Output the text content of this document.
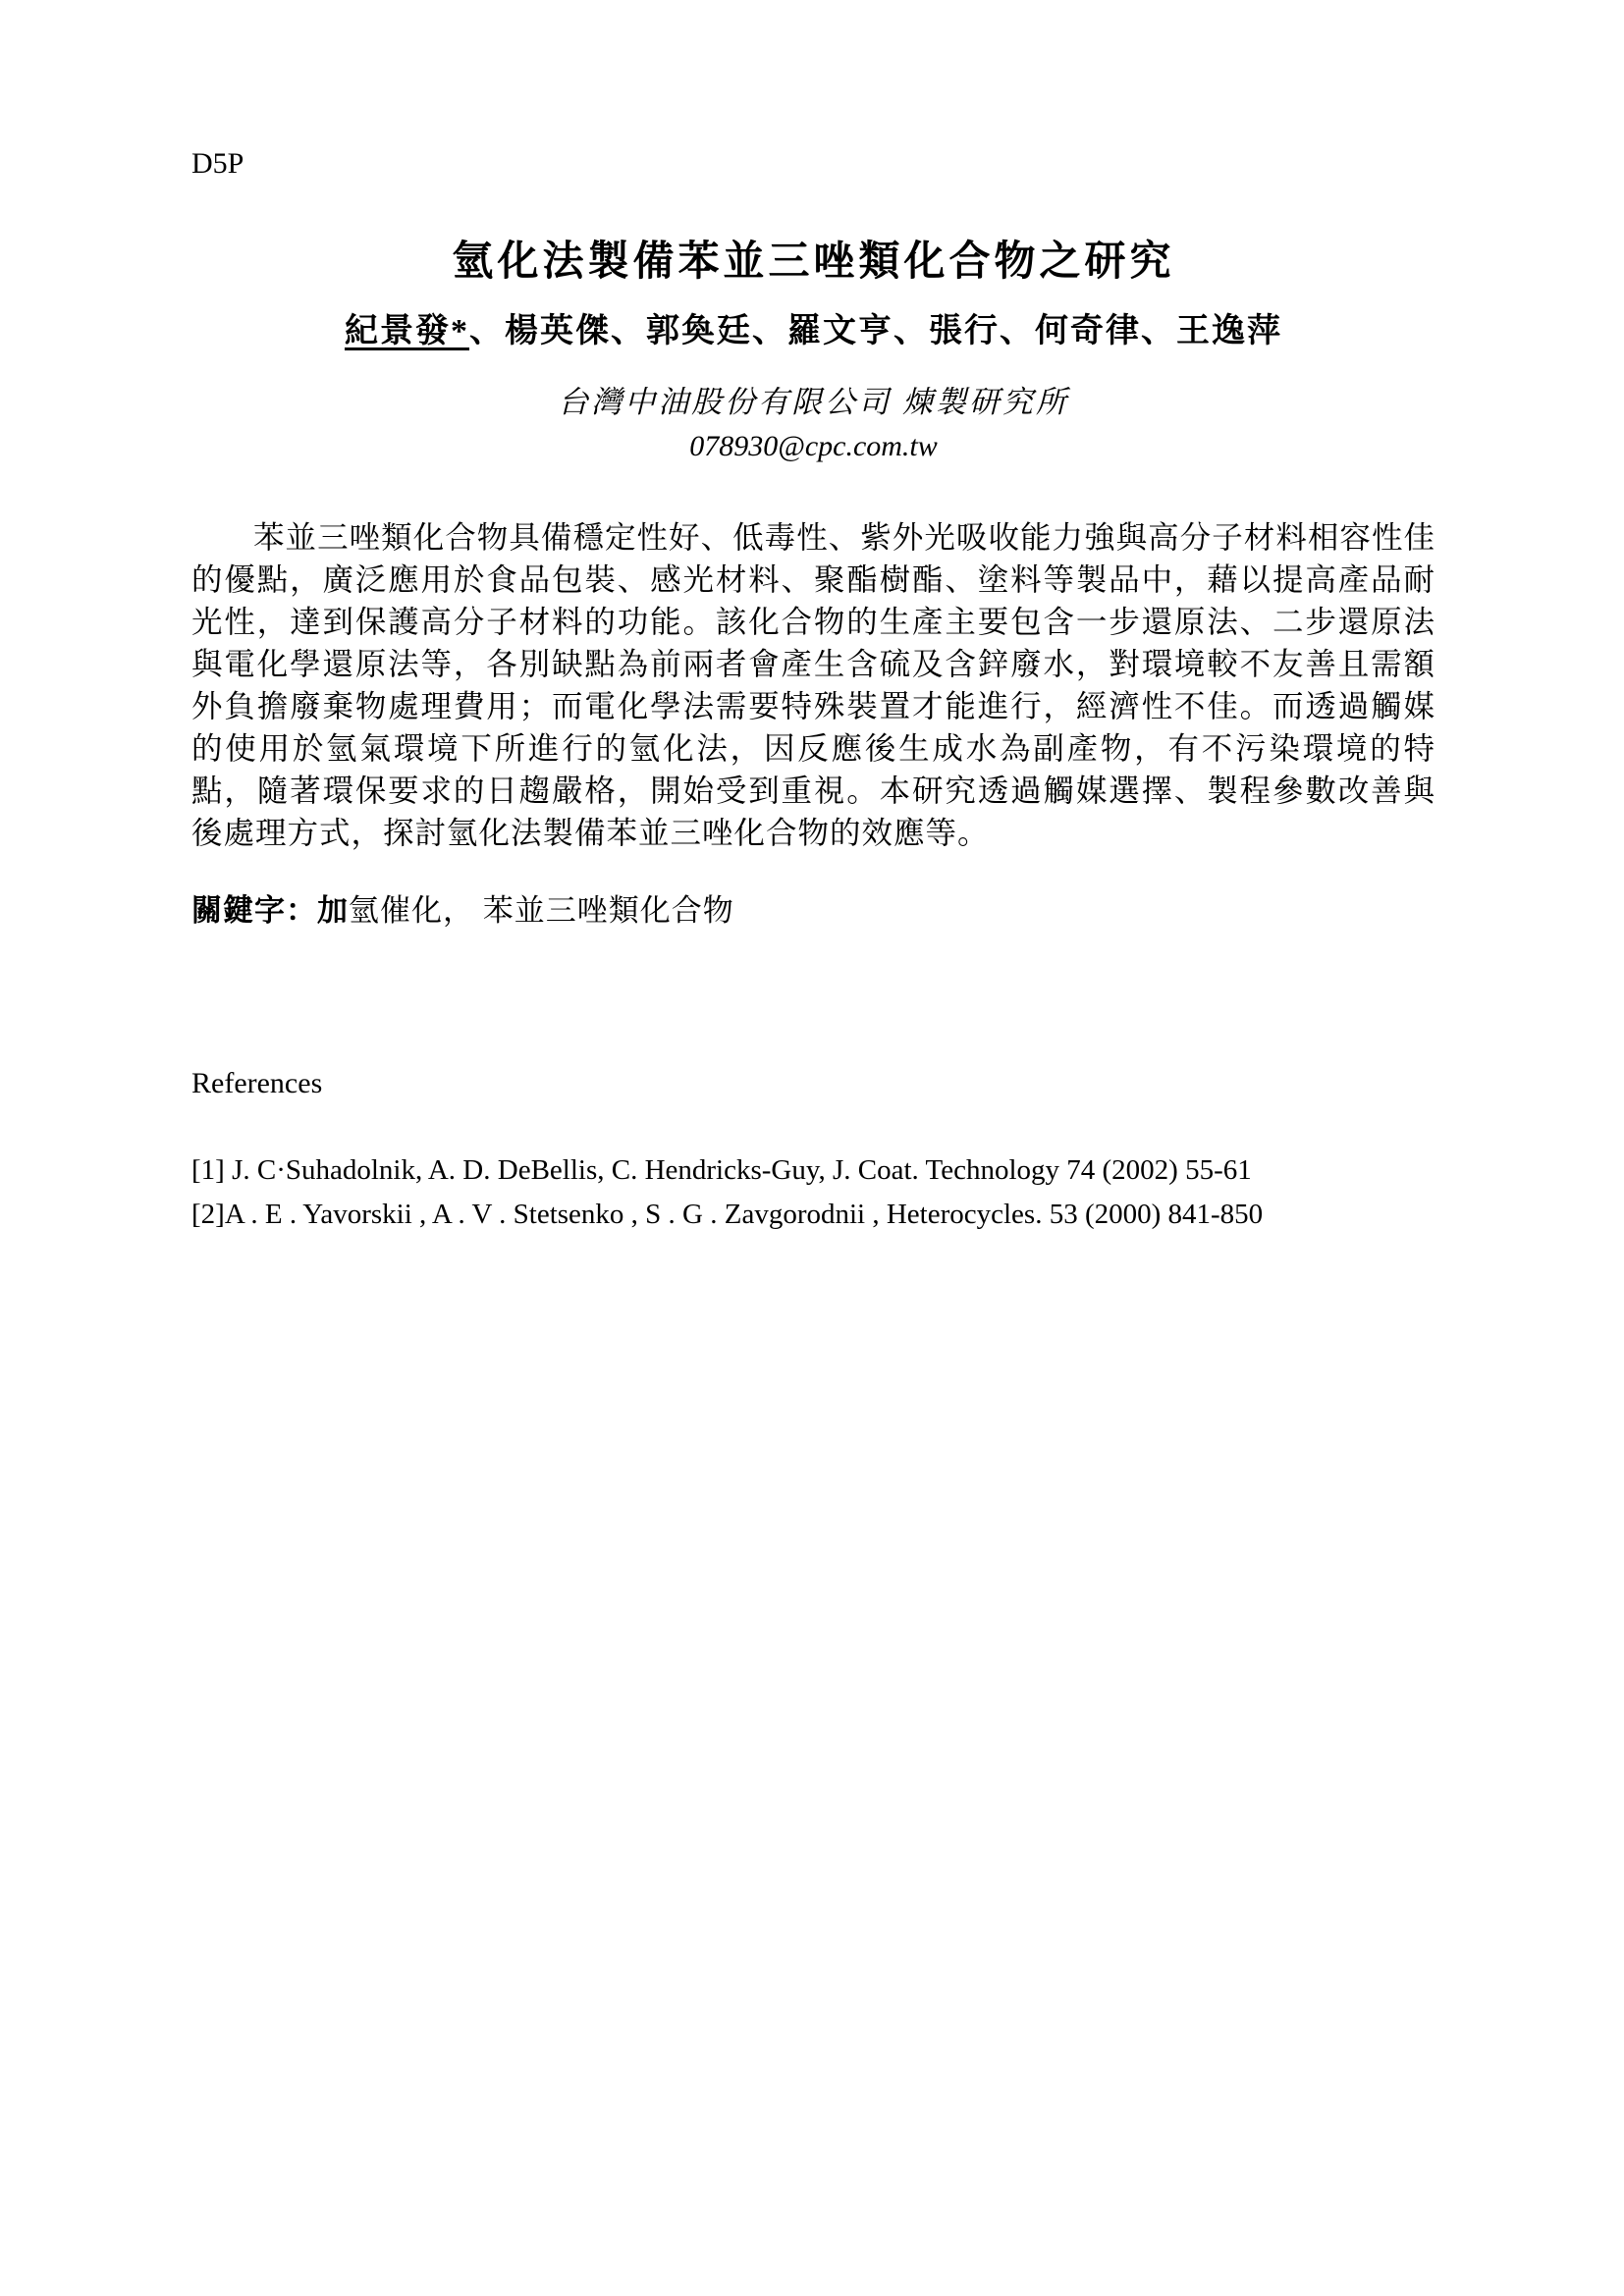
D5P

氫化法製備苯並三唑類化合物之研究
紀景發*、楊英傑、郭奐廷、羅文亨、張行、何奇律、王逸萍

台灣中油股份有限公司 煉製研究所

078930@cpc.com.tw

苯並三唑類化合物具備穩定性好、低毒性、紫外光吸收能力強與高分子材料相容性佳的優點，廣泛應用於食品包裝、感光材料、聚酯樹酯、塗料等製品中，藉以提高產品耐光性，達到保護高分子材料的功能。該化合物的生產主要包含一步還原法、二步還原法與電化學還原法等，各別缺點為前兩者會產生含硫及含鋅廢水，對環境較不友善且需額外負擔廢棄物處理費用；而電化學法需要特殊裝置才能進行，經濟性不佳。而透過觸媒的使用於氫氣環境下所進行的氫化法，因反應後生成水為副產物，有不污染環境的特點，隨著環保要求的日趨嚴格，開始受到重視。本研究透過觸媒選擇、製程參數改善與後處理方式，探討氫化法製備苯並三唑化合物的效應等。

關鍵字：加氫催化， 苯並三唑類化合物

References

[1] J. C·Suhadolnik, A. D. DeBellis, C. Hendricks-Guy, J. Coat. Technology 74 (2002) 55-61

[2]A . E . Yavorskii , A . V . Stetsenko , S . G . Zavgorodnii , Heterocycles. 53 (2000) 841-850
